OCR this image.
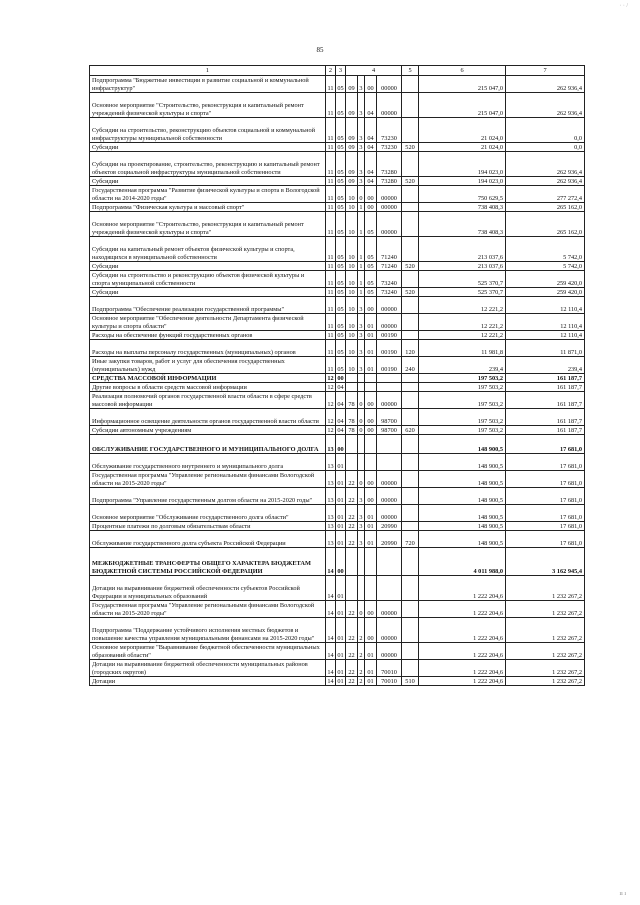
· · /
85
1	2	3	4				5	6	7
Подпрограмма "Бюджетные инвестиции в развитие социальной и коммунальной инфраструктур"	11	05	09	3	00	00000		215 047,0	262 936,4
Основное мероприятие "Строительство, реконструкция и капитальный ремонт учреждений физической культуры и спорта"	11	05	09	3	04	00000		215 047,0	262 936,4
Субсидии на строительство, реконструкцию объектов социальной и коммунальной инфраструктуры муниципальной собственности	11	05	09	3	04	73230		21 024,0	0,0
Субсидии	11	05	09	3	04	73230	520	21 024,0	0,0
Субсидии на проектирование, строительство, реконструкцию и капитальный ремонт объектов социальной инфраструктуры муниципальной собственности	11	05	09	3	04	73280		194 023,0	262 936,4
Субсидии	11	05	09	3	04	73280	520	194 023,0	262 936,4
Государственная программа "Развитие физической культуры и спорта в Вологодской области на 2014-2020 годы"	11	05	10	0	00	00000		750 629,5	277 272,4
Подпрограмма "Физическая культура и массовый спорт"	11	05	10	1	00	00000		738 408,3	265 162,0
Основное мероприятие "Строительство, реконструкция и капитальный ремонт учреждений физической культуры и спорта"	11	05	10	1	05	00000		738 408,3	265 162,0
Субсидии на капитальный ремонт объектов физической культуры и спорта, находящихся в муниципальной собственности	11	05	10	1	05	71240		213 037,6	5 742,0
Субсидии	11	05	10	1	05	71240	520	213 037,6	5 742,0
Субсидии на строительство и реконструкцию объектов физической культуры и спорта муниципальной собственности	11	05	10	1	05	73240		525 370,7	259 420,0
Субсидии	11	05	10	1	05	73240	520	525 370,7	259 420,0
Подпрограмма "Обеспечение реализации государственной программы"	11	05	10	3	00	00000		12 221,2	12 110,4
Основное мероприятие "Обеспечение деятельности Департамента физической культуры и спорта области"	11	05	10	3	01	00000		12 221,2	12 110,4
Расходы на обеспечение функций государственных органов	11	05	10	3	01	00190		12 221,2	12 110,4
Расходы на выплаты персоналу государственных (муниципальных) органов	11	05	10	3	01	00190	120	11 981,8	11 871,0
Иные закупки товаров, работ и услуг для обеспечения государственных (муниципальных) нужд	11	05	10	3	01	00190	240	239,4	239,4
СРЕДСТВА МАССОВОЙ ИНФОРМАЦИИ	12	00						197 503,2	161 187,7
Другие вопросы в области средств массовой информации	12	04						197 503,2	161 187,7
Реализация полномочий органов государственной власти области в сфере средств массовой информации	12	04	78	0	00	00000		197 503,2	161 187,7
Информационное освещение деятельности органов государственной власти области	12	04	78	0	00	98700		197 503,2	161 187,7
Субсидии автономным учреждениям	12	04	78	0	00	98700	620	197 503,2	161 187,7
ОБСЛУЖИВАНИЕ ГОСУДАРСТВЕННОГО И МУНИЦИПАЛЬНОГО ДОЛГА	13	00						148 900,5	17 681,0
Обслуживание государственного внутреннего и муниципального долга	13	01						148 900,5	17 681,0
Государственная программа "Управление региональными финансами Вологодской области на 2015-2020 годы"	13	01	22	0	00	00000		148 900,5	17 681,0
Подпрограмма "Управление государственным долгом области на 2015-2020 годы"	13	01	22	3	00	00000		148 900,5	17 681,0
Основное мероприятие "Обслуживание государственного долга области"	13	01	22	3	01	00000		148 900,5	17 681,0
Процентные платежи по долговым обязательствам области	13	01	22	3	01	20990		148 900,5	17 681,0
Обслуживание государственного долга субъекта Российской Федерации	13	01	22	3	01	20990	720	148 900,5	17 681,0
МЕЖБЮДЖЕТНЫЕ ТРАНСФЕРТЫ ОБЩЕГО ХАРАКТЕРА БЮДЖЕТАМ БЮДЖЕТНОЙ СИСТЕМЫ РОССИЙСКОЙ ФЕДЕРАЦИИ	14	00						4 011 988,0	3 162 945,4
Дотации на выравнивание бюджетной обеспеченности субъектов Российской Федерации и муниципальных образований	14	01						1 222 204,6	1 232 267,2
Государственная программа "Управление региональными финансами Вологодской области на 2015-2020 годы"	14	01	22	0	00	00000		1 222 204,6	1 232 267,2
Подпрограмма "Поддержание устойчивого исполнения местных бюджетов и повышение качества управления муниципальными финансами на 2015-2020 годы"	14	01	22	2	00	00000		1 222 204,6	1 232 267,2
Основное мероприятие "Выравнивание бюджетной обеспеченности муниципальных образований области"	14	01	22	2	01	00000		1 222 204,6	1 232 267,2
Дотации на выравнивание бюджетной обеспеченности муниципальных районов (городских округов)	14	01	22	2	01	70010		1 222 204,6	1 232 267,2
Дотации	14	01	22	2	01	70010	510	1 222 204,6	1 232 267,2
ıı ı
